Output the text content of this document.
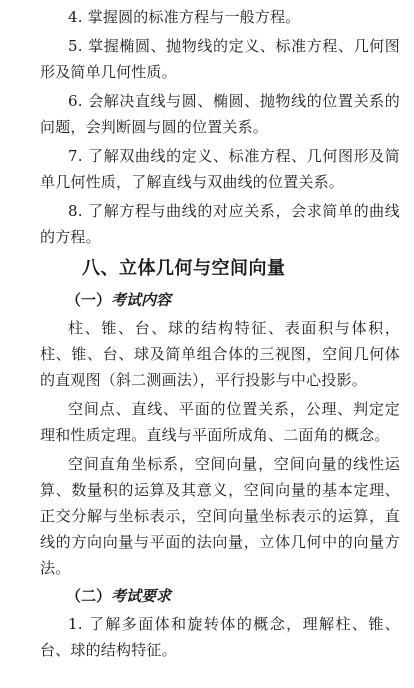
4. 掌握圆的标准方程与一般方程。

5. 掌握椭圆、抛物线的定义、标准方程、几何图形及简单几何性质。

6. 会解决直线与圆、椭圆、抛物线的位置关系的问题，会判断圆与圆的位置关系。

7. 了解双曲线的定义、标准方程、几何图形及简单几何性质，了解直线与双曲线的位置关系。

8. 了解方程与曲线的对应关系，会求简单的曲线的方程。

八、立体几何与空间向量
（一）考试内容

柱、锥、台、球的结构特征、表面积与体积，柱、锥、台、球及简单组合体的三视图，空间几何体的直观图（斜二测画法），平行投影与中心投影。

空间点、直线、平面的位置关系，公理、判定定理和性质定理。直线与平面所成角、二面角的概念。

空间直角坐标系，空间向量，空间向量的线性运算、数量积的运算及其意义，空间向量的基本定理、正交分解与坐标表示，空间向量坐标表示的运算，直线的方向向量与平面的法向量，立体几何中的向量方法。

（二）考试要求

1. 了解多面体和旋转体的概念，理解柱、锥、台、球的结构特征。
